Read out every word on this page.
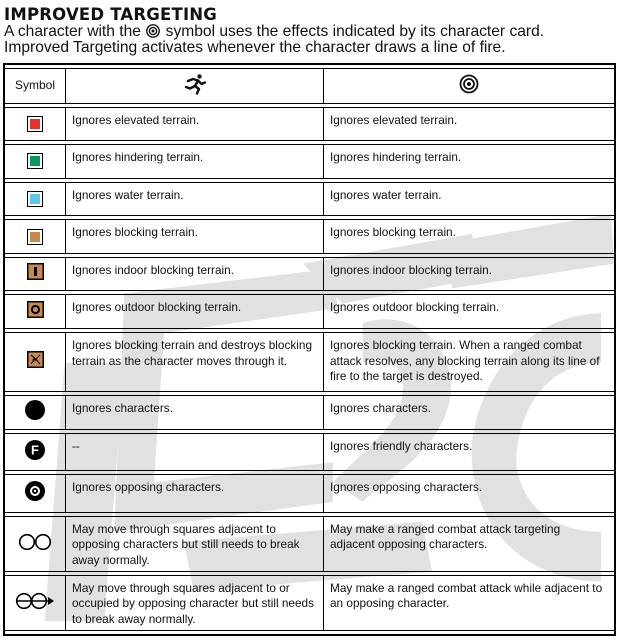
IMPROVED TARGETING
A character with the symbol uses the effects indicated by its character card.
Improved Targeting activates whenever the character draws a line of fire.
Symbol		

	Ignores elevated terrain.	Ignores elevated terrain.

	Ignores hindering terrain.	Ignores hindering terrain.

	Ignores water terrain.	Ignores water terrain.

	Ignores blocking terrain.	Ignores blocking terrain.
	Ignores indoor blocking terrain.	Ignores indoor blocking terrain.
	Ignores outdoor blocking terrain.	Ignores outdoor blocking terrain.
	Ignores blocking terrain and destroys blocking terrain as the character moves through it.	Ignores blocking terrain. When a ranged combat attack resolves, any blocking terrain along its line of fire to the target is destroyed.
	Ignores characters.	Ignores characters.

F	--	Ignores friendly characters.
	Ignores opposing characters.	Ignores opposing characters.
	May move through squares adjacent to opposing characters but still needs to break away normally.	May make a ranged combat attack targeting adjacent opposing characters.
	May move through squares adjacent to or occupied by opposing character but still needs to break away normally.	May make a ranged combat attack while adjacent to an opposing character.
